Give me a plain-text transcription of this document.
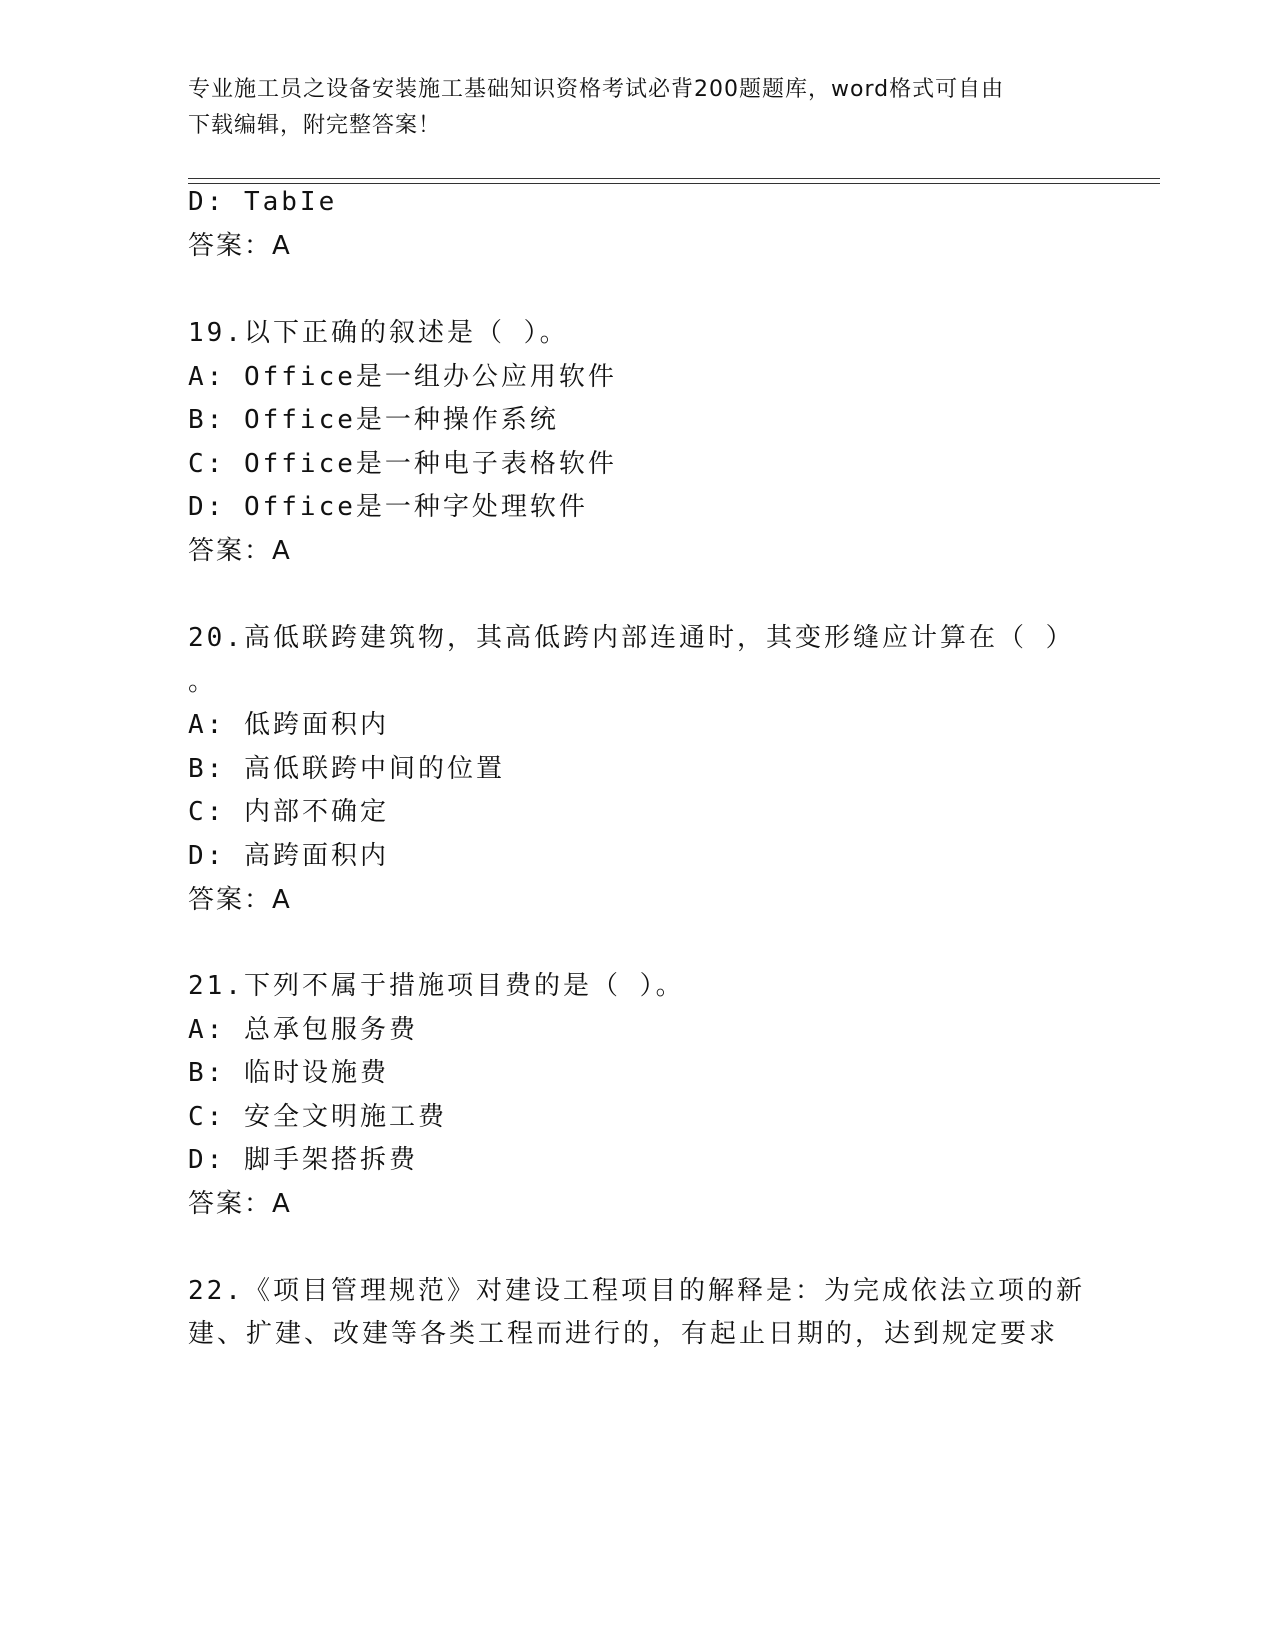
专业施工员之设备安装施工基础知识资格考试必背200题题库，word格式可自由
下载编辑，附完整答案！
D: TabIe
答案：A
19.以下正确的叙述是（ ）。
A: Office是一组办公应用软件
B: Office是一种操作系统
C: Office是一种电子表格软件
D: Office是一种字处理软件
答案：A
20.高低联跨建筑物，其高低跨内部连通时，其变形缝应计算在（ ）
。
A: 低跨面积内
B: 高低联跨中间的位置
C: 内部不确定
D: 高跨面积内
答案：A
21.下列不属于措施项目费的是（ ）。
A: 总承包服务费
B: 临时设施费
C: 安全文明施工费
D: 脚手架搭拆费
答案：A
22.《项目管理规范》对建设工程项目的解释是：为完成依法立项的新
建、扩建、改建等各类工程而进行的，有起止日期的，达到规定要求
